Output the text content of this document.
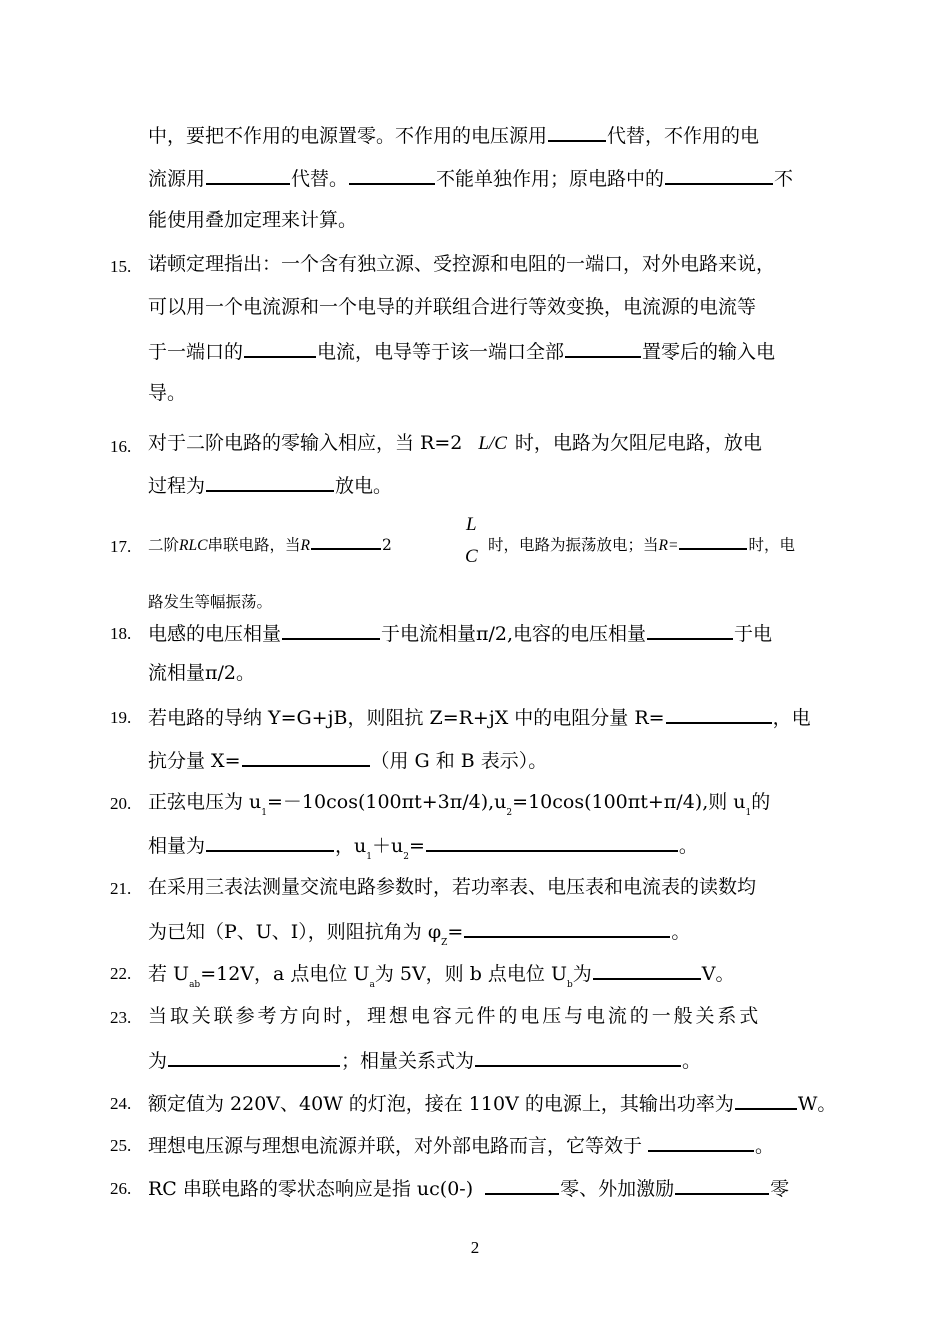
中，要把不作用的电源置零。不作用的电压源用	代替，不作用的电
流源用	代替。	不能单独作用；原电路中的	不
能使用叠加定理来计算。
15. 诺顿定理指出：一个含有独立源、受控源和电阻的一端口，对外电路来说，
可以用一个电流源和一个电导的并联组合进行等效变换，电流源的电流等
于一端口的	电流，电导等于该一端口全部	置零后的输入电
导。
16. 对于二阶电路的零输入相应，当 R=2 L/C 时，电路为欠阻尼电路，放电
过程为	放电。
17. 二阶RLC串联电路，当R	2
L
C
时，电路为振荡放电；当R=	时，电
路发生等幅振荡。
18. 电感的电压相量	于电流相量π/2,电容的电压相量	于电
流相量π/2。
19. 若电路的导纳 Y=G+jB，则阻抗 Z=R+jX 中的电阻分量 R=	，电
抗分量 X=	（用 G 和 B 表示）。
20. 正弦电压为 $u_1=-10\cos(100\pi t+3\pi/4),u_2=10\cos(100\pi t+\pi/4)$,则 $u_1$的
相量为	，$u_1+u_2=$	。
21. 在采用三表法测量交流电路参数时，若功率表、电压表和电流表的读数均
为已知（P、U、I），则阻抗角为 $\varphi_Z=$	。
22. 若 $U_{ab}=12V$，a 点电位 $U_a$为 5V，则 b 点电位 $U_b$为	V。
23. 当取关联参考方向时，理想电容元件的电压与电流的一般关系式
为	；相量关系式为	。
24. 额定值为 220V、40W 的灯泡，接在 110V 的电源上，其输出功率为	W。
25. 理想电压源与理想电流源并联，对外部电路而言，它等效于	。
26. RC 串联电路的零状态响应是指 uc(0-)	零、外加激励	零
2
